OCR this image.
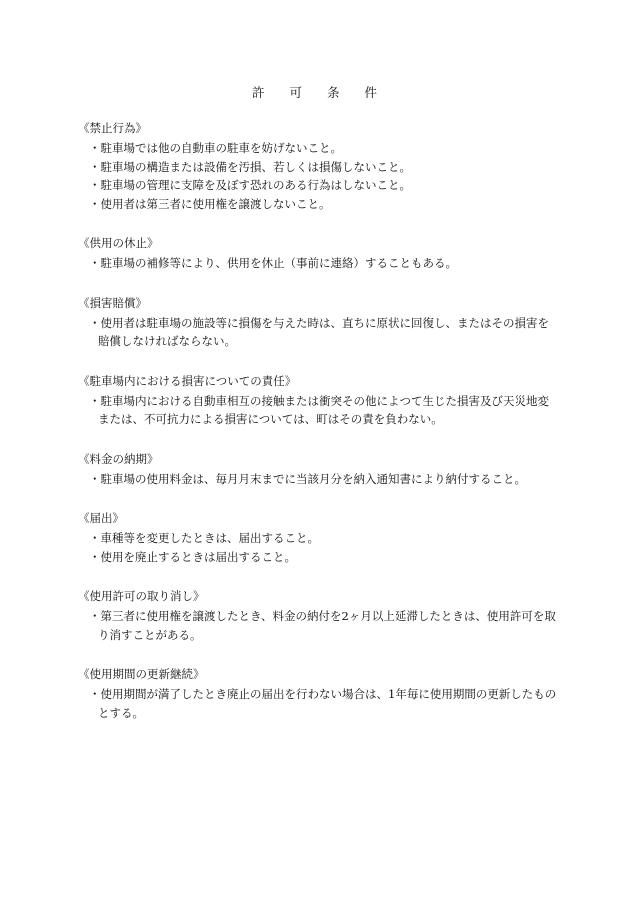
許 可 条 件
《禁止行為》
・駐車場では他の自動車の駐車を妨げないこと。
・駐車場の構造または設備を汚損、若しくは損傷しないこと。
・駐車場の管理に支障を及ぼす恐れのある行為はしないこと。
・使用者は第三者に使用権を譲渡しないこと。
《供用の休止》
・駐車場の補修等により、供用を休止（事前に連絡）することもある。
《損害賠償》
・使用者は駐車場の施設等に損傷を与えた時は、直ちに原状に回復し、またはその損害を賠償しなければならない。
《駐車場内における損害についての責任》
・駐車場内における自動車相互の接触または衝突その他によつて生じた損害及び天災地変または、不可抗力による損害については、町はその責を負わない。
《料金の納期》
・駐車場の使用料金は、毎月月末までに当該月分を納入通知書により納付すること。
《届出》
・車種等を変更したときは、届出すること。
・使用を廃止するときは届出すること。
《使用許可の取り消し》
・第三者に使用権を譲渡したとき、料金の納付を2ヶ月以上延滞したときは、使用許可を取り消すことがある。
《使用期間の更新継続》
・使用期間が満了したとき廃止の届出を行わない場合は、1年毎に使用期間の更新したものとする。
